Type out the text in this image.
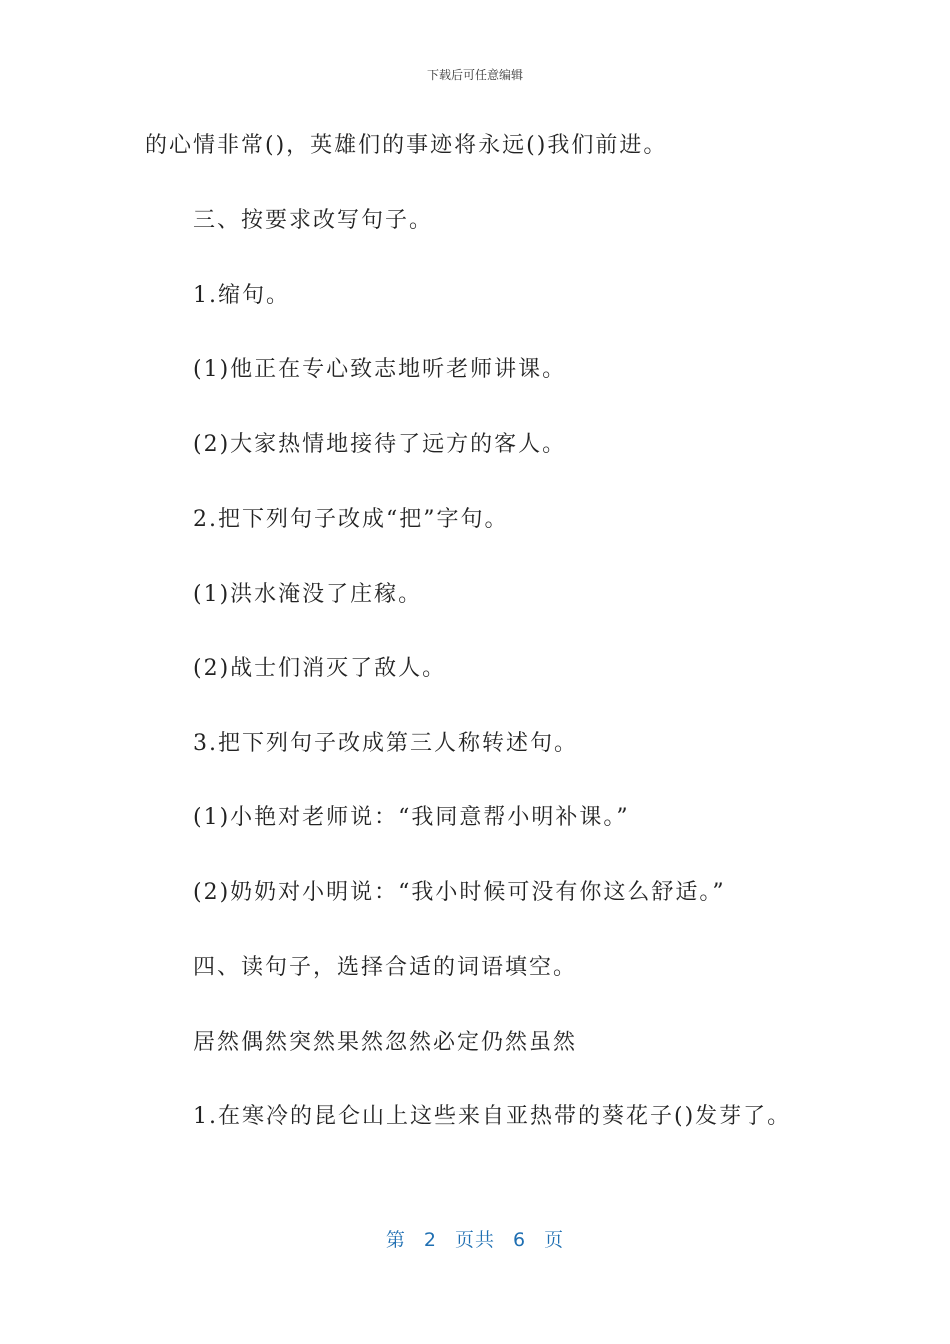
下载后可任意编辑
的心情非常()，英雄们的事迹将永远()我们前进。
三、按要求改写句子。
1.缩句。
(1)他正在专心致志地听老师讲课。
(2)大家热情地接待了远方的客人。
2.把下列句子改成“把”字句。
(1)洪水淹没了庄稼。
(2)战士们消灭了敌人。
3.把下列句子改成第三人称转述句。
(1)小艳对老师说：“我同意帮小明补课。”
(2)奶奶对小明说：“我小时候可没有你这么舒适。”
四、读句子，选择合适的词语填空。
居然偶然突然果然忽然必定仍然虽然
1.在寒冷的昆仑山上这些来自亚热带的葵花子()发芽了。
第 2 页共 6 页
